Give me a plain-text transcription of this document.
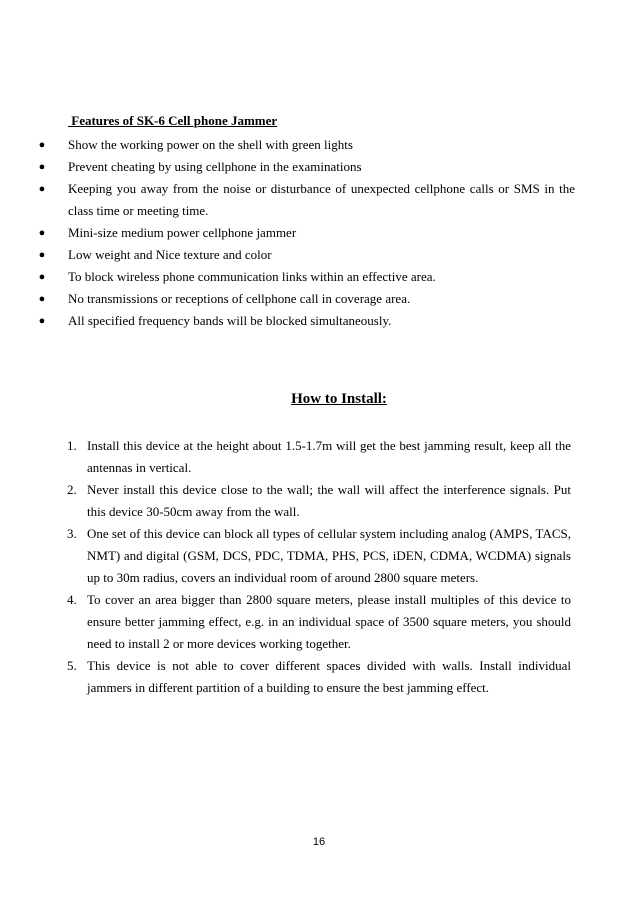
Features of SK-6 Cell phone Jammer
● Show the working power on the shell with green lights
● Prevent cheating by using cellphone in the examinations
● Keeping you away from the noise or disturbance of unexpected cellphone calls or SMS in the class time or meeting time.
● Mini-size medium power cellphone jammer
● Low weight and Nice texture and color
● To block wireless phone communication links within an effective area.
● No transmissions or receptions of cellphone call in coverage area.
● All specified frequency bands will be blocked simultaneously.
How to Install:
1. Install this device at the height about 1.5-1.7m will get the best jamming result, keep all the antennas in vertical.
2. Never install this device close to the wall; the wall will affect the interference signals. Put this device 30-50cm away from the wall.
3. One set of this device can block all types of cellular system including analog (AMPS, TACS, NMT) and digital (GSM, DCS, PDC, TDMA, PHS, PCS, iDEN, CDMA, WCDMA) signals up to 30m radius, covers an individual room of around 2800 square meters.
4. To cover an area bigger than 2800 square meters, please install multiples of this device to ensure better jamming effect, e.g. in an individual space of 3500 square meters, you should need to install 2 or more devices working together.
5. This device is not able to cover different spaces divided with walls. Install individual jammers in different partition of a building to ensure the best jamming effect.
16
